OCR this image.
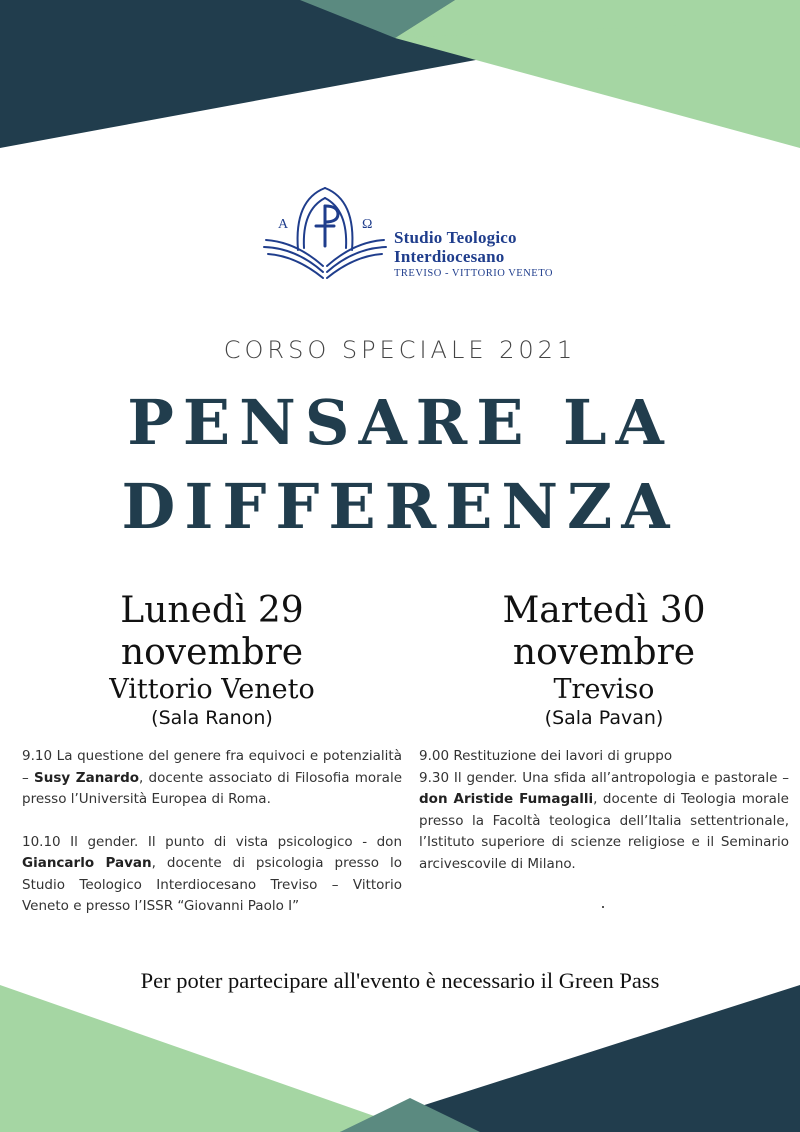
A	Ω
Studio Teologico
Interdiocesano
TREVISO - VITTORIO VENETO
CORSO SPECIALE 2021
PENSARE LA
DIFFERENZA
Lunedì 29
novembre
Vittorio Veneto
(Sala Ranon)

9.10 La questione del genere fra equivoci e potenzialità – Susy Zanardo, docente associato di Filosofia morale presso l’Università Europea di Roma.

10.10 Il gender. Il punto di vista psicologico - don Giancarlo Pavan, docente di psicologia presso lo Studio Teologico Interdiocesano Treviso – Vittorio Veneto e presso l’ISSR “Giovanni Paolo I”

Martedì 30
novembre
Treviso
(Sala Pavan)

9.00 Restituzione dei lavori di gruppo

9.30 Il gender. Una sfida all’antropologia e pastorale – don Aristide Fumagalli, docente di Teologia morale presso la Facoltà teologica dell’Italia settentrionale, l’Istituto superiore di scienze religiose e il Seminario arcivescovile di Milano.

Per poter partecipare all'evento è necessario il Green Pass
